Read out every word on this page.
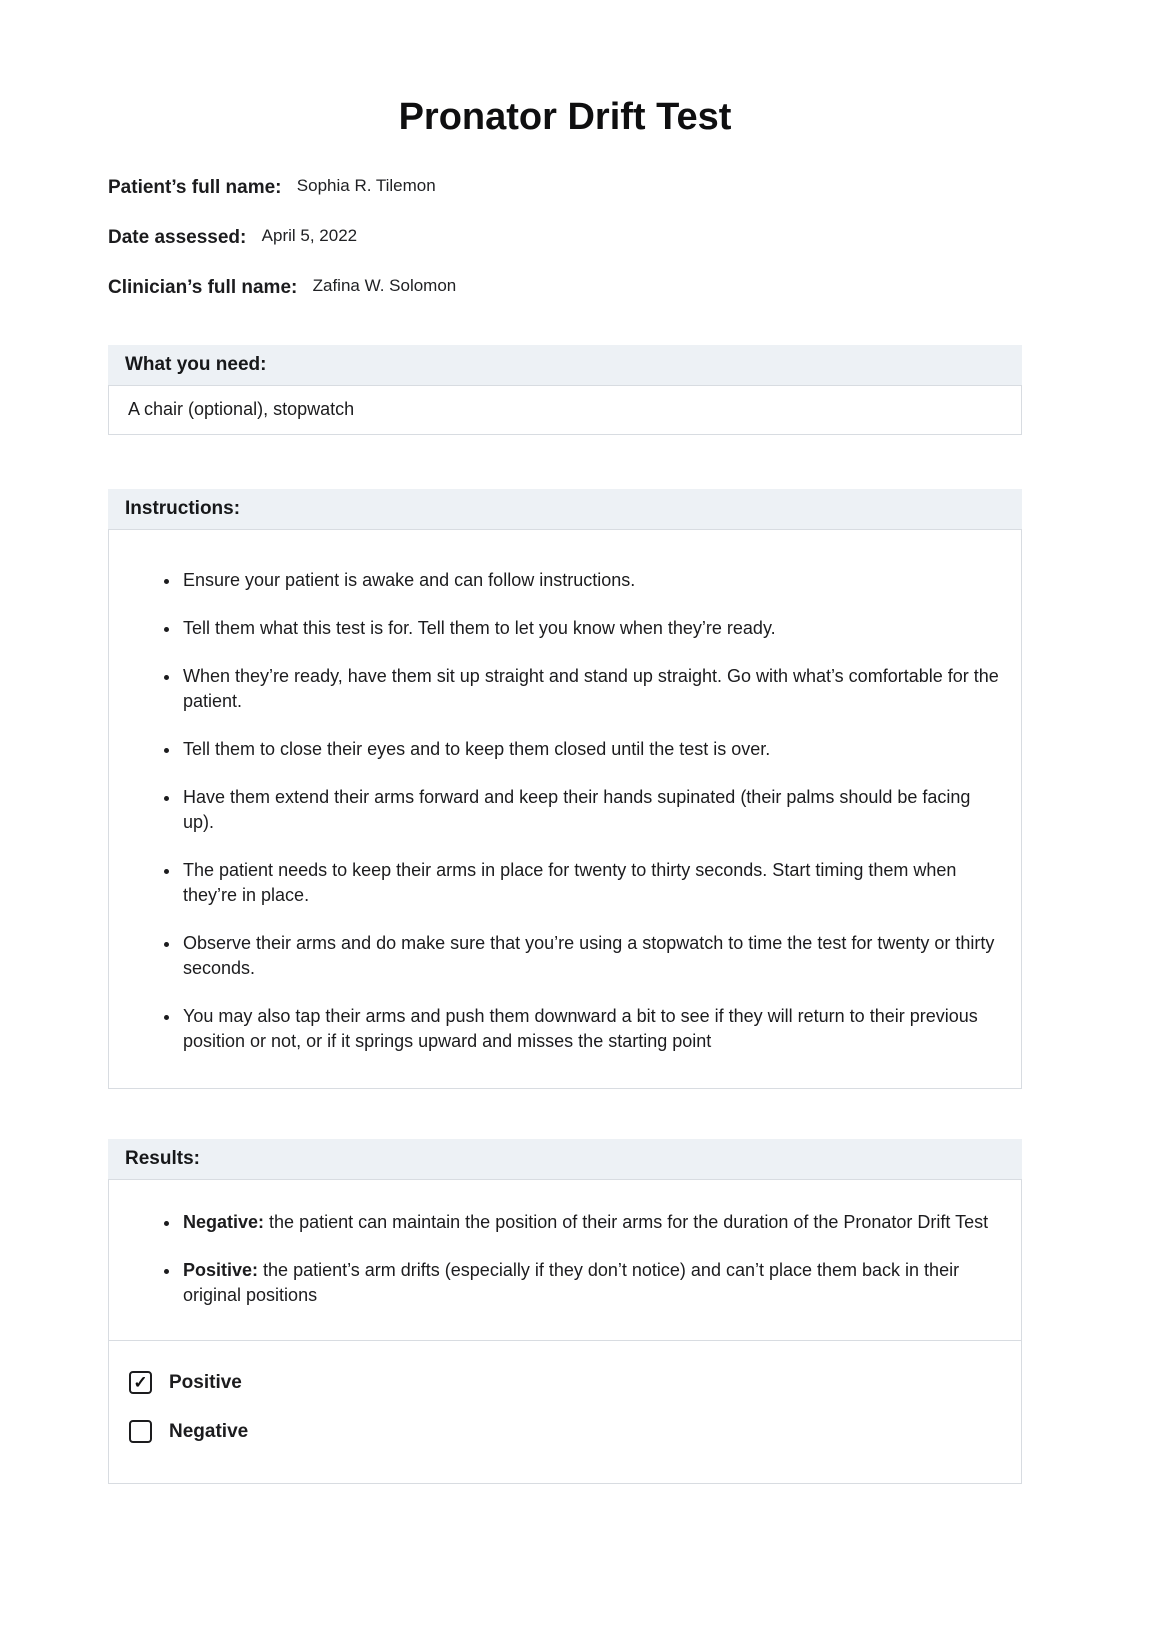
Pronator Drift Test
Patient’s full name: Sophia R. Tilemon
Date assessed: April 5, 2022
Clinician’s full name: Zafina W. Solomon
What you need:
A chair (optional), stopwatch
Instructions:
• Ensure your patient is awake and can follow instructions.
• Tell them what this test is for. Tell them to let you know when they’re ready.
• When they’re ready, have them sit up straight and stand up straight. Go with what’s comfortable for the patient.
• Tell them to close their eyes and to keep them closed until the test is over.
• Have them extend their arms forward and keep their hands supinated (their palms should be facing up).
• The patient needs to keep their arms in place for twenty to thirty seconds. Start timing them when they’re in place.
• Observe their arms and do make sure that you’re using a stopwatch to time the test for twenty or thirty seconds.
• You may also tap their arms and push them downward a bit to see if they will return to their previous position or not, or if it springs upward and misses the starting point
Results:
• Negative: the patient can maintain the position of their arms for the duration of the Pronator Drift Test
• Positive: the patient’s arm drifts (especially if they don’t notice) and can’t place them back in their original positions
✓
Positive
Negative
